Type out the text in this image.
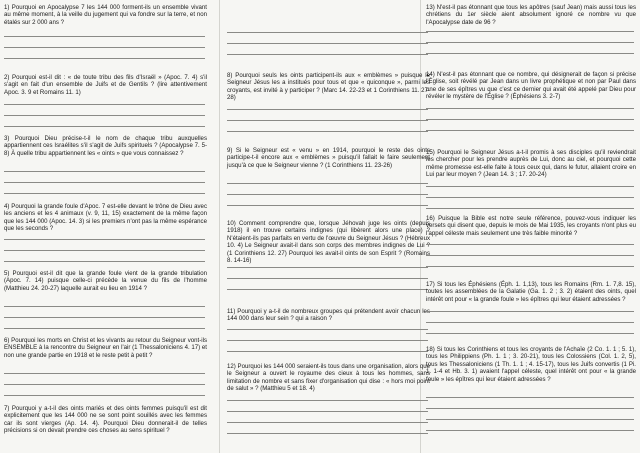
1) Pourquoi en Apocalypse 7 les 144 000 forment-ils un ensemble vivant au même moment, à la veille du jugement qui va fondre sur la terre, et non étalés sur 2 000 ans ?

2) Pourquoi est-il dit : « de toute tribu des fils d'Israël » (Apoc. 7. 4) s'il s'agit en fait d'un ensemble de Juifs et de Gentils ? (lire attentivement Apoc. 3. 9 et Romains 11. 1)

3) Pourquoi Dieu précise-t-il le nom de chaque tribu auxquelles appartiennent ces Israélites s'il s'agit de Juifs spirituels ? (Apocalypse 7. 5-8) À quelle tribu appartiennent les « oints » que vous connaissez ?

4) Pourquoi la grande foule d'Apoc. 7 est-elle devant le trône de Dieu avec les anciens et les 4 animaux (v. 9, 11, 15) exactement de la même façon que les 144 000 (Apoc. 14. 3) si les premiers n'ont pas la même espérance que les seconds ?

5) Pourquoi est-il dit que la grande foule vient de la grande tribulation (Apoc. 7. 14) puisque celle-ci précède la venue du fils de l'homme (Matthieu 24. 20-27) laquelle aurait eu lieu en 1914 ?

6) Pourquoi les morts en Christ et les vivants au retour du Seigneur vont-ils ENSEMBLE à la rencontre du Seigneur en l'air (1 Thessaloniciens 4. 17) et non une grande partie en 1918 et le reste petit à petit ?

7) Pourquoi y a-t-il des oints mariés et des oints femmes puisqu'il est dit explicitement que les 144 000 ne se sont point souillés avec les femmes car ils sont vierges (Ap. 14. 4). Pourquoi Dieu donnerait-il de telles précisions si on devait prendre ces choses au sens spirituel ?

8) Pourquoi seuls les oints participent-ils aux « emblèmes » puisque le Seigneur Jésus les a institués pour tous et que « quiconque », parmi les croyants, est invité à y participer ? (Marc 14. 22-23 et 1 Corinthiens 11. 27-28)

9) Si le Seigneur est « venu » en 1914, pourquoi le reste des oints participe-t-il encore aux « emblèmes » puisqu'il fallait le faire seulement jusqu'à ce que le Seigneur vienne ? (1 Corinthiens 11. 23-26)

10) Comment comprendre que, lorsque Jéhovah juge les oints (depuis 1918) il en trouve certains indignes (qui libèrent alors une place) ? N'étaient-ils pas parfaits en vertu de l'œuvre du Seigneur Jésus ? (Hébreux 10. 4) Le Seigneur avait-il dans son corps des membres indignes de Lui ? (1 Corinthiens 12. 27) Pourquoi les avait-il oints de son Esprit ? (Romains 8. 14-16)

11) Pourquoi y a-t-il de nombreux groupes qui prétendent avoir chacun les 144 000 dans leur sein ? qui a raison ?

12) Pourquoi les 144 000 seraient-ils tous dans une organisation, alors que le Seigneur a ouvert le royaume des cieux à tous les hommes, sans limitation de nombre et sans fixer d'organisation qui dise : « hors moi point de salut » ? (Matthieu 5 et 18. 4)

13) N'est-il pas étonnant que tous les apôtres (sauf Jean) mais aussi tous les chrétiens du 1er siècle aient absolument ignoré ce nombre vu que l'Apocalypse date de 96 ?

14) N'est-il pas étonnant que ce nombre, qui désignerait de façon si précise l'Église, soit révélé par Jean dans un livre prophétique et non par Paul dans une de ses épîtres vu que c'est ce dernier qui avait été appelé par Dieu pour révéler le mystère de l'Église ? (Éphésiens 3. 2-7)

15) Pourquoi le Seigneur Jésus a-t-il promis à ses disciples qu'il reviendrait les chercher pour les prendre auprès de Lui, donc au ciel, et pourquoi cette même promesse est-elle faite à tous ceux qui, dans le futur, allaient croire en Lui par leur moyen ? (Jean 14. 3 ; 17. 20-24)

16) Puisque la Bible est notre seule référence, pouvez-vous indiquer les versets qui disent que, depuis le mois de Mai 1935, les croyants n'ont plus eu l'appel céleste mais seulement une très faible minorité ?

17) Si tous les Éphésiens (Éph. 1. 1,13), tous les Romains (Rm. 1. 7,8. 15), toutes les assemblées de la Galatie (Ga. 1. 2 ; 3. 2) étaient des oints, quel intérêt ont pour « la grande foule » les épîtres qui leur étaient adressées ?

18) Si tous les Corinthiens et tous les croyants de l'Achaïe (2 Co. 1. 1 ; 5. 1), tous les Philippiens (Ph. 1. 1 ; 3. 20-21), tous les Colossiens (Col. 1. 2, 5), tous les Thessaloniciens (1 Th. 1. 1 ; 4. 15-17), tous les Juifs convertis (1 Pi. 1. 1-4 et Hb. 3. 1) avaient l'appel céleste, quel intérêt ont pour « la grande foule » les épîtres qui leur étaient adressées ?
